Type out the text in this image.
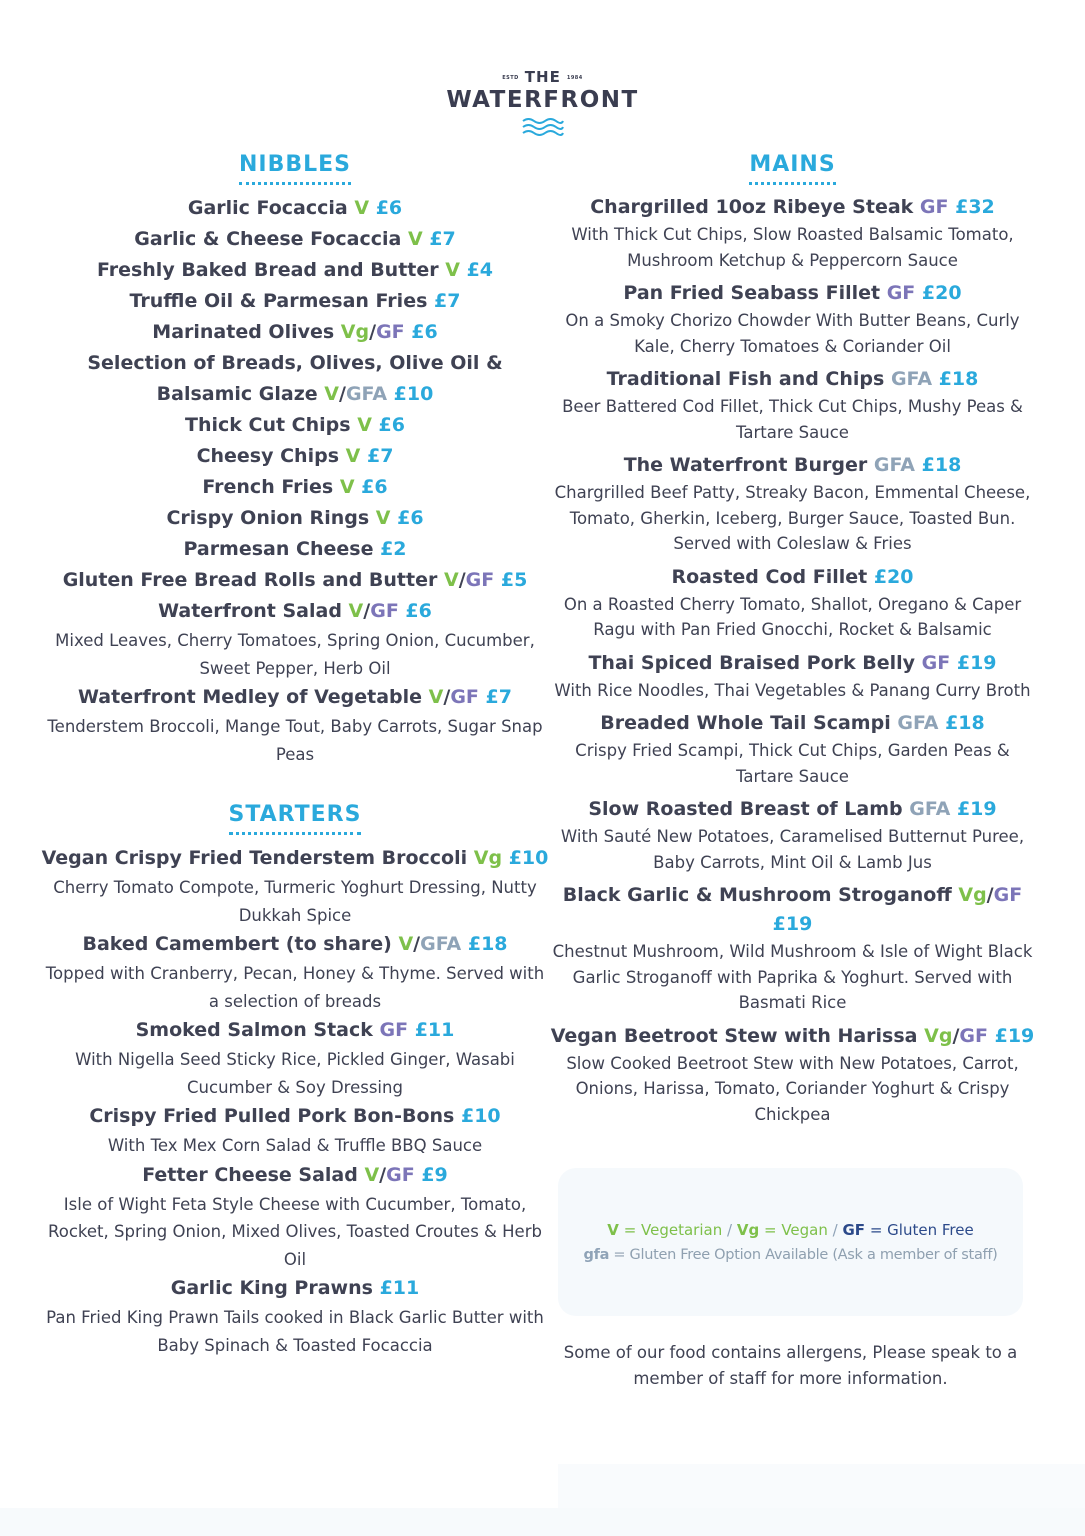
ESTD THE 1984
WATERFRONT
NIBBLES
Garlic Focaccia V £6
Garlic & Cheese Focaccia V £7
Freshly Baked Bread and Butter V £4
Truffle Oil & Parmesan Fries £7
Marinated Olives Vg/GF £6
Selection of Breads, Olives, Olive Oil & Balsamic Glaze V/GFA £10
Thick Cut Chips V £6
Cheesy Chips V £7
French Fries V £6
Crispy Onion Rings V £6
Parmesan Cheese £2
Gluten Free Bread Rolls and Butter V/GF £5
Waterfront Salad V/GF £6
Mixed Leaves, Cherry Tomatoes, Spring Onion, Cucumber, Sweet Pepper, Herb Oil
Waterfront Medley of Vegetable V/GF £7
Tenderstem Broccoli, Mange Tout, Baby Carrots, Sugar Snap Peas
STARTERS
Vegan Crispy Fried Tenderstem Broccoli Vg £10
Cherry Tomato Compote, Turmeric Yoghurt Dressing, Nutty Dukkah Spice
Baked Camembert (to share) V/GFA £18
Topped with Cranberry, Pecan, Honey & Thyme. Served with a selection of breads
Smoked Salmon Stack GF £11
With Nigella Seed Sticky Rice, Pickled Ginger, Wasabi Cucumber & Soy Dressing
Crispy Fried Pulled Pork Bon-Bons £10
With Tex Mex Corn Salad & Truffle BBQ Sauce
Fetter Cheese Salad V/GF £9
Isle of Wight Feta Style Cheese with Cucumber, Tomato, Rocket, Spring Onion, Mixed Olives, Toasted Croutes & Herb Oil
Garlic King Prawns £11
Pan Fried King Prawn Tails cooked in Black Garlic Butter with Baby Spinach & Toasted Focaccia
MAINS
Chargrilled 10oz Ribeye Steak GF £32
With Thick Cut Chips, Slow Roasted Balsamic Tomato, Mushroom Ketchup & Peppercorn Sauce
Pan Fried Seabass Fillet GF £20
On a Smoky Chorizo Chowder With Butter Beans, Curly Kale, Cherry Tomatoes & Coriander Oil
Traditional Fish and Chips GFA £18
Beer Battered Cod Fillet, Thick Cut Chips, Mushy Peas & Tartare Sauce
The Waterfront Burger GFA £18
Chargrilled Beef Patty, Streaky Bacon, Emmental Cheese, Tomato, Gherkin, Iceberg, Burger Sauce, Toasted Bun. Served with Coleslaw & Fries
Roasted Cod Fillet £20
On a Roasted Cherry Tomato, Shallot, Oregano & Caper Ragu with Pan Fried Gnocchi, Rocket & Balsamic
Thai Spiced Braised Pork Belly GF £19
With Rice Noodles, Thai Vegetables & Panang Curry Broth
Breaded Whole Tail Scampi GFA £18
Crispy Fried Scampi, Thick Cut Chips, Garden Peas & Tartare Sauce
Slow Roasted Breast of Lamb GFA £19
With Sauté New Potatoes, Caramelised Butternut Puree, Baby Carrots, Mint Oil & Lamb Jus
Black Garlic & Mushroom Stroganoff Vg/GF £19
Chestnut Mushroom, Wild Mushroom & Isle of Wight Black Garlic Stroganoff with Paprika & Yoghurt. Served with Basmati Rice
Vegan Beetroot Stew with Harissa Vg/GF £19
Slow Cooked Beetroot Stew with New Potatoes, Carrot, Onions, Harissa, Tomato, Coriander Yoghurt & Crispy Chickpea
V = Vegetarian / Vg = Vegan / GF = Gluten Free
gfa = Gluten Free Option Available (Ask a member of staff)
Some of our food contains allergens, Please speak to a member of staff for more information.
